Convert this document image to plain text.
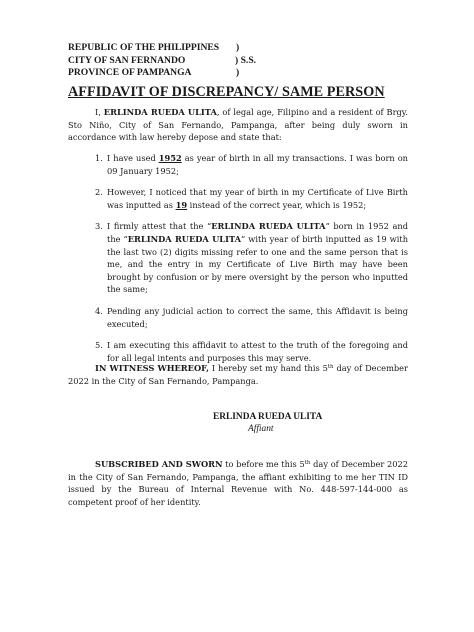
REPUBLIC OF THE PHILIPPINES )
CITY OF SAN FERNANDO	) S.S.
PROVINCE OF PAMPANGA	)
AFFIDAVIT OF DISCREPANCY/ SAME PERSON

I, ERLINDA RUEDA ULITA, of legal age, Filipino and a resident of Brgy. Sto Niño, City of San Fernando, Pampanga, after being duly sworn in accordance with law hereby depose and state that:

1. I have used 1952 as year of birth in all my transactions. I was born on 09 January 1952;
2. However, I noticed that my year of birth in my Certificate of Live Birth was inputted as 19 instead of the correct year, which is 1952;
3. I firmly attest that the “ERLINDA RUEDA ULITA” born in 1952 and the “ERLINDA RUEDA ULITA” with year of birth inputted as 19 with the last two (2) digits missing refer to one and the same person that is me, and the entry in my Certificate of Live Birth may have been brought by confusion or by mere oversight by the person who inputted the same;
4. Pending any judicial action to correct the same, this Affidavit is being executed;
5. I am executing this affidavit to attest to the truth of the foregoing and for all legal intents and purposes this may serve.

IN WITNESS WHEREOF, I hereby set my hand this 5th day of December 2022 in the City of San Fernando, Pampanga.

ERLINDA RUEDA ULITA

Affiant

SUBSCRIBED AND SWORN to before me this 5th day of December 2022 in the City of San Fernando, Pampanga, the affiant exhibiting to me her TIN ID issued by the Bureau of Internal Revenue with No. 448-597-144-000 as competent proof of her identity.
